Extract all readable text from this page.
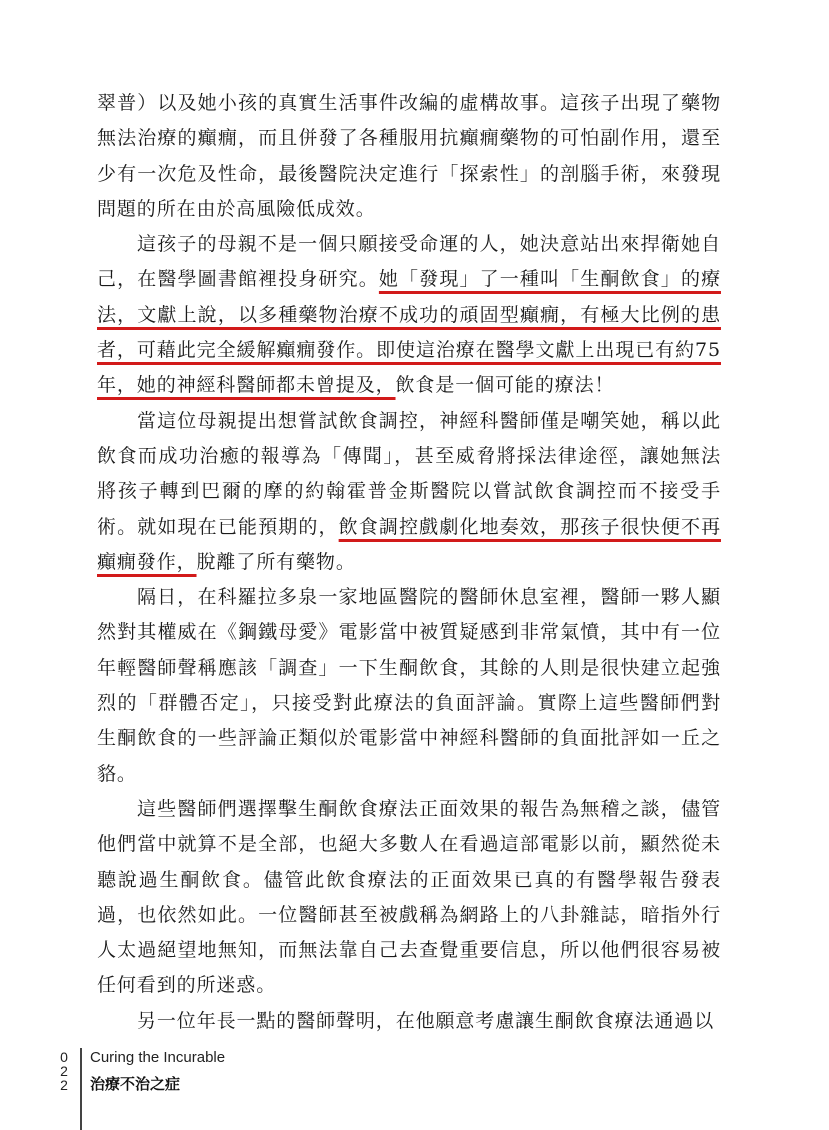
翠普）以及她小孩的真實生活事件改編的虛構故事。這孩子出現了藥物無法治療的癲癇，而且併發了各種服用抗癲癇藥物的可怕副作用，還至少有一次危及性命，最後醫院決定進行「探索性」的剖腦手術，來發現問題的所在由於高風險低成效。

這孩子的母親不是一個只願接受命運的人，她決意站出來捍衛她自己，在醫學圖書館裡投身研究。她「發現」了一種叫「生酮飲食」的療法，文獻上說，以多種藥物治療不成功的頑固型癲癇，有極大比例的患者，可藉此完全緩解癲癇發作。即使這治療在醫學文獻上出現已有約75年，她的神經科醫師都未曾提及，飲食是一個可能的療法！

當這位母親提出想嘗試飲食調控，神經科醫師僅是嘲笑她，稱以此飲食而成功治癒的報導為「傳聞」，甚至威脅將採法律途徑，讓她無法將孩子轉到巴爾的摩的約翰霍普金斯醫院以嘗試飲食調控而不接受手術。就如現在已能預期的，飲食調控戲劇化地奏效，那孩子很快便不再癲癇發作，脫離了所有藥物。

隔日，在科羅拉多泉一家地區醫院的醫師休息室裡，醫師一夥人顯然對其權威在《鋼鐵母愛》電影當中被質疑感到非常氣憤，其中有一位年輕醫師聲稱應該「調查」一下生酮飲食，其餘的人則是很快建立起強烈的「群體否定」，只接受對此療法的負面評論。實際上這些醫師們對生酮飲食的一些評論正類似於電影當中神經科醫師的負面批評如一丘之貉。

這些醫師們選擇擊生酮飲食療法正面效果的報告為無稽之談，儘管他們當中就算不是全部，也絕大多數人在看過這部電影以前，顯然從未聽說過生酮飲食。儘管此飲食療法的正面效果已真的有醫學報告發表過，也依然如此。一位醫師甚至被戲稱為網路上的八卦雜誌，暗指外行人太過絕望地無知，而無法靠自己去查覺重要信息，所以他們很容易被任何看到的所迷惑。

另一位年長一點的醫師聲明，在他願意考慮讓生酮飲食療法通過以

0
2
2
Curing the Incurable
治療不治之症
